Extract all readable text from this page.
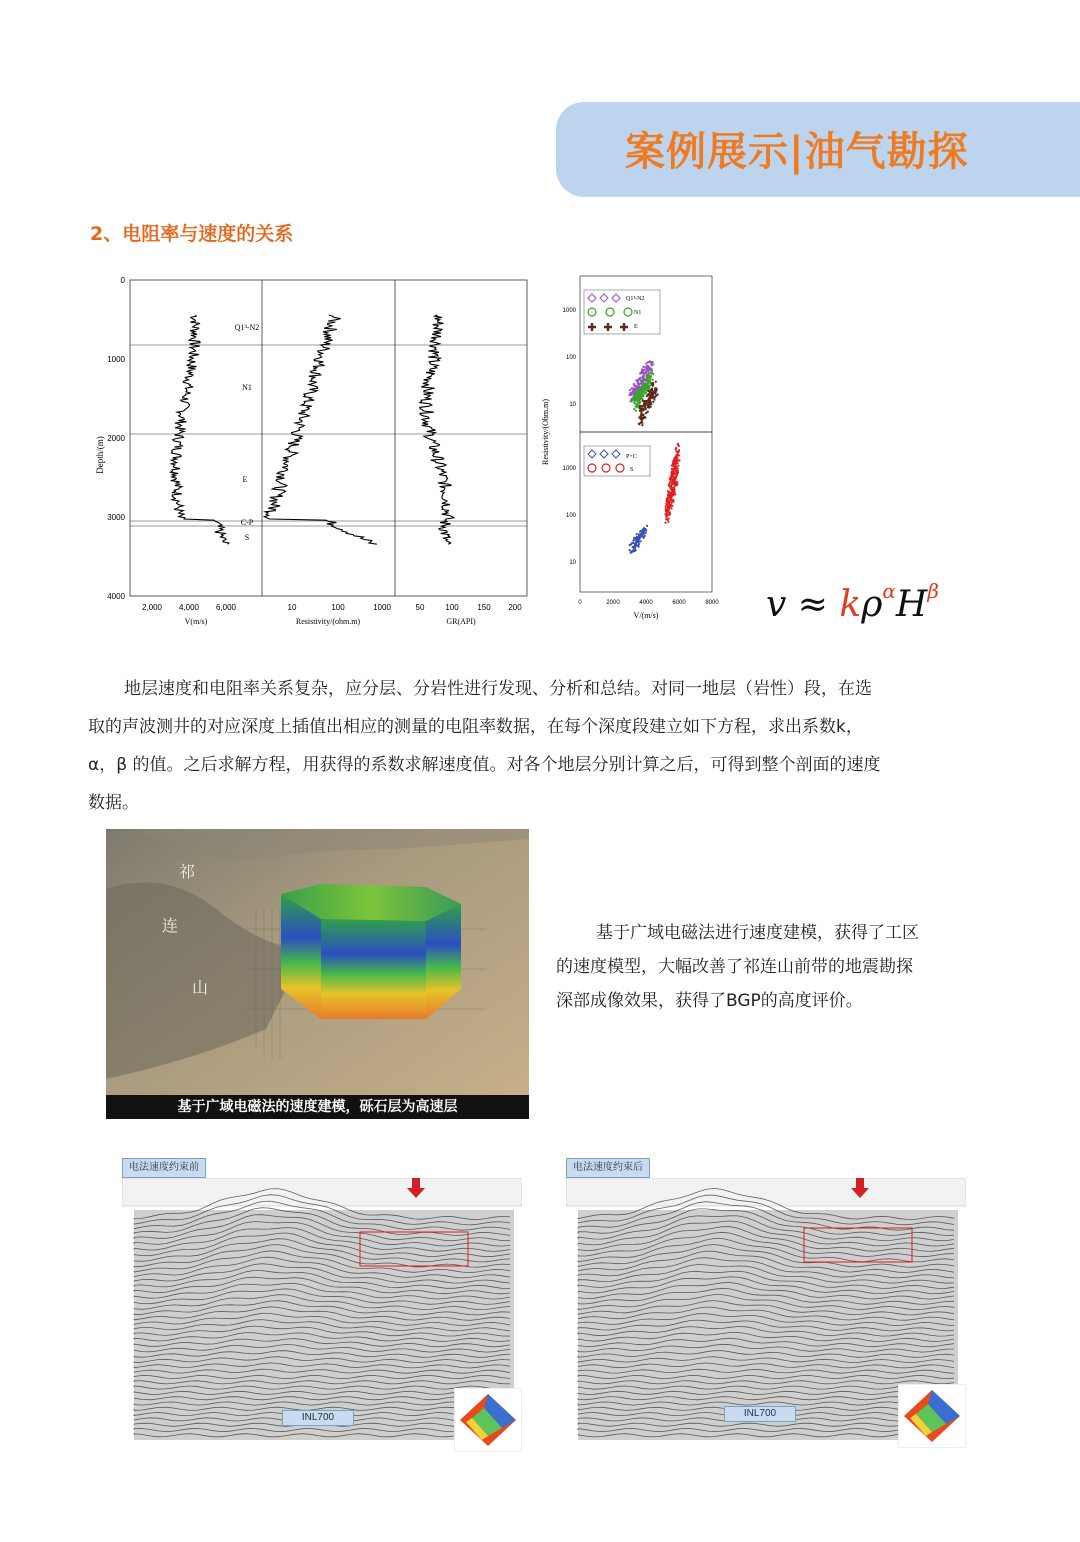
案例展示|油气勘探
2、电阻率与速度的关系
Depth/(m)
0
1000
2000
3000
4000
Q1³-N2
N1
E
C-P
S
2,000 4,000 6,000	10	100	1000	50	100 150 200
V(m/s)	Resistivity/(ohm.m)	GR(API)
Resistivity/(Ohm.m)
1000
100
10
1000
100
10
Q1³-N2
N1
E
P+C
S
0	2000	4000	6000	8000
V/(m/s)	$v \approx k\rho^\alpha H^\beta$
地层速度和电阻率关系复杂，应分层、分岩性进行发现、分析和总结。对同一地层（岩性）段，在选
取的声波测井的对应深度上插值出相应的测量的电阻率数据，在每个深度段建立如下方程，求出系数k，
α，β 的值。之后求解方程，用获得的系数求解速度值。对各个地层分别计算之后，可得到整个剖面的速度
数据。
祁
连
山
基于广域电磁法的速度建模，砾石层为高速层
基于广域电磁法进行速度建模，获得了工区
的速度模型，大幅改善了祁连山前带的地震勘探
深部成像效果，获得了BGP的高度评价。
电法速度约束前
INL700
电法速度约束后
INL700
